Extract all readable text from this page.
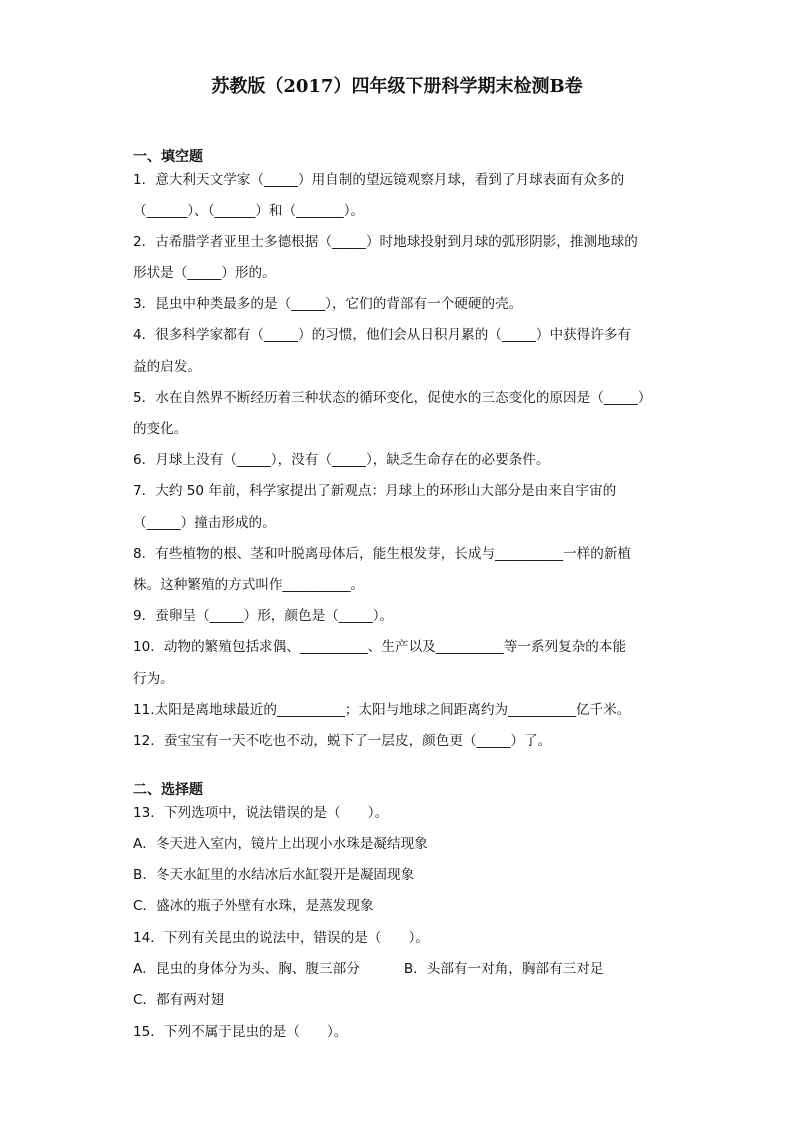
苏教版（2017）四年级下册科学期末检测B卷
一、填空题
1．意大利天文学家（_____）用自制的望远镜观察月球，看到了月球表面有众多的
（______）、（______）和（_______）。
2．古希腊学者亚里士多德根据（_____）时地球投射到月球的弧形阴影，推测地球的
形状是（_____）形的。
3．昆虫中种类最多的是（_____），它们的背部有一个硬硬的壳。
4．很多科学家都有（_____）的习惯，他们会从日积月累的（_____）中获得许多有
益的启发。
5．水在自然界不断经历着三种状态的循环变化，促使水的三态变化的原因是（_____）
的变化。
6．月球上没有（_____），没有（_____），缺乏生命存在的必要条件。
7．大约 50 年前，科学家提出了新观点：月球上的环形山大部分是由来自宇宙的
（_____）撞击形成的。
8．有些植物的根、茎和叶脱离母体后，能生根发芽，长成与__________一样的新植
株。这种繁殖的方式叫作__________。
9．蚕卵呈（_____）形，颜色是（_____）。
10．动物的繁殖包括求偶、__________、生产以及__________等一系列复杂的本能
行为。
11.太阳是离地球最近的__________；太阳与地球之间距离约为__________亿千米。
12．蚕宝宝有一天不吃也不动，蜕下了一层皮，颜色更（_____）了。
二、选择题
13．下列选项中，说法错误的是（　　）。
A．冬天进入室内，镜片上出现小水珠是凝结现象
B．冬天水缸里的水结冰后水缸裂开是凝固现象
C．盛冰的瓶子外壁有水珠，是蒸发现象
14．下列有关昆虫的说法中，错误的是（　　）。
A．昆虫的身体分为头、胸、腹三部分	B．头部有一对角，胸部有三对足
C．都有两对翅
15．下列不属于昆虫的是（　　）。
